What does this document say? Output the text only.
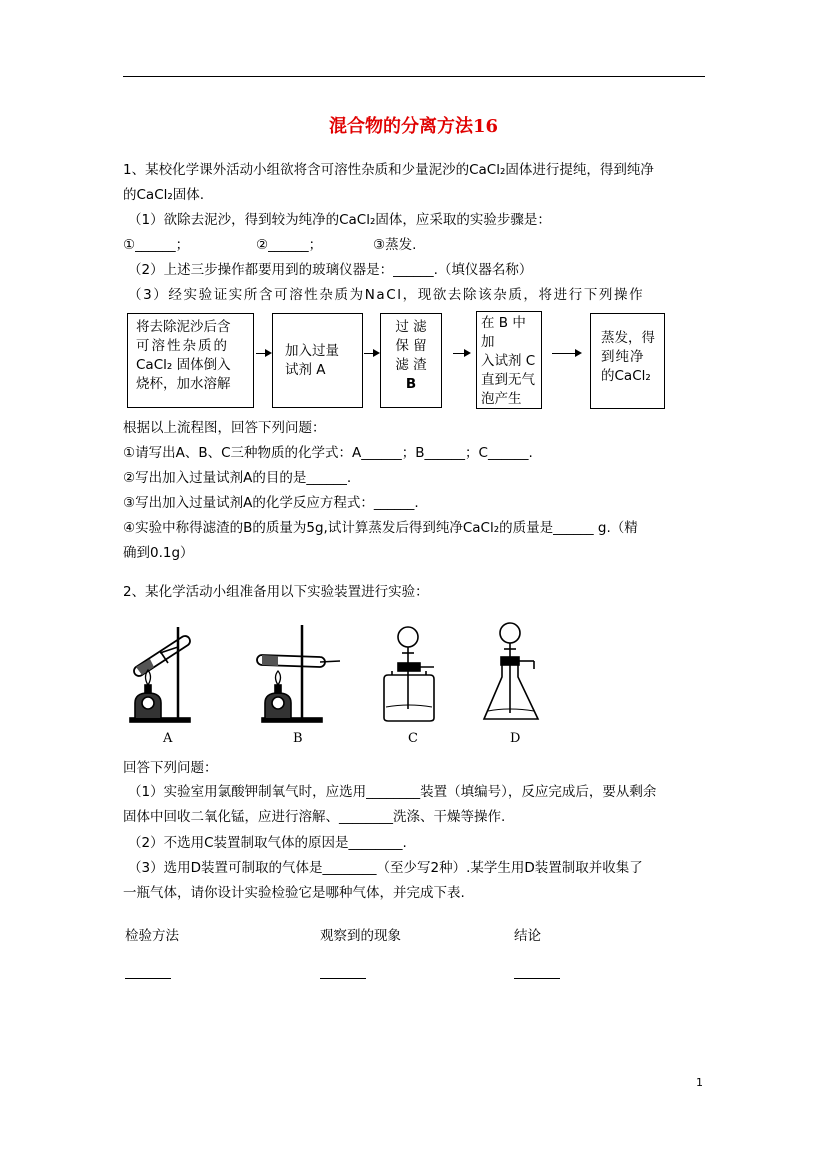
混合物的分离方法16
1、某校化学课外活动小组欲将含可溶性杂质和少量泥沙的CaCl₂固体进行提纯，得到纯净
的CaCl₂固体.
（1）欲除去泥沙，得到较为纯净的CaCl₂固体，应采取的实验步骤是：
①______；	②______；	③蒸发.
（2）上述三步操作都要用到的玻璃仪器是：______.（填仪器名称）
（3）经实验证实所含可溶性杂质为NaCl，现欲去除该杂质，将进行下列操作
将去除泥沙后含
可溶性杂质的
CaCl₂ 固体倒入
烧杯，加水溶解
加入过量
试剂 A
过 滤
保 留
滤 渣
B
在 B 中加
入试剂 C
直到无气
泡产生
蒸发，得
到纯净
的CaCl₂
根据以上流程图，回答下列问题：
①请写出A、B、C三种物质的化学式：A______；B______；C______.
②写出加入过量试剂A的目的是______.
③写出加入过量试剂A的化学反应方程式：______.
④实验中称得滤渣的B的质量为5g,试计算蒸发后得到纯净CaCl₂的质量是______ g.（精
确到0.1g）
2、某化学活动小组准备用以下实验装置进行实验：
A	B	C	D
回答下列问题：
（1）实验室用氯酸钾制氧气时，应选用________装置（填编号），反应完成后，要从剩余
固体中回收二氧化锰，应进行溶解、________洗涤、干燥等操作.
（2）不选用C装置制取气体的原因是________.
（3）选用D装置可制取的气体是________（至少写2种）.某学生用D装置制取并收集了
一瓶气体，请你设计实验检验它是哪种气体，并完成下表.
检验方法	观察到的现象	结论
1
